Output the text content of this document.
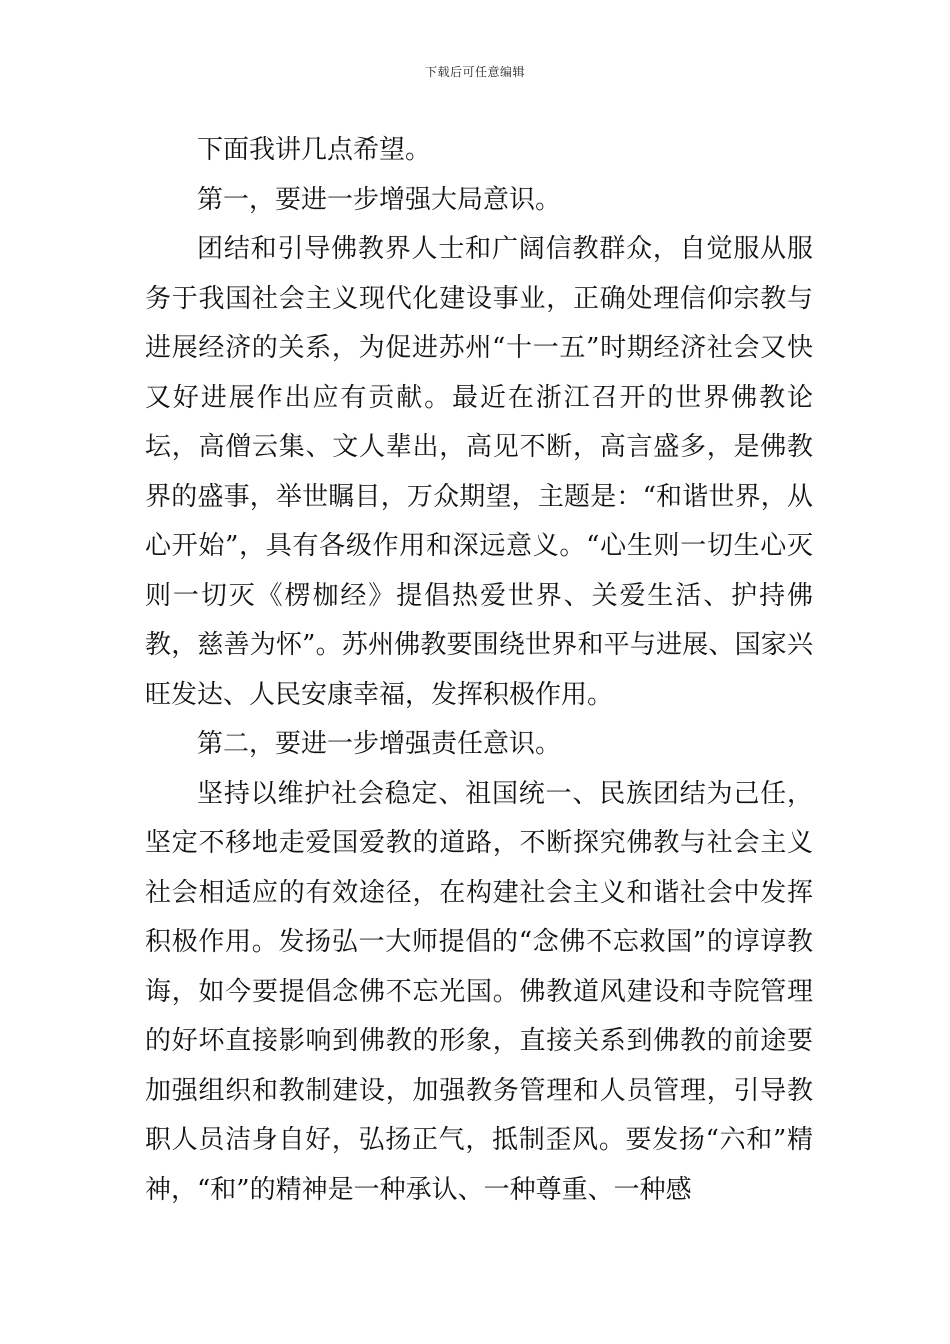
下载后可任意编辑

下面我讲几点希望。

第一，要进一步增强大局意识。

团结和引导佛教界人士和广阔信教群众，自觉服从服务于我国社会主义现代化建设事业，正确处理信仰宗教与进展经济的关系，为促进苏州“十一五”时期经济社会又快又好进展作出应有贡献。最近在浙江召开的世界佛教论坛，高僧云集、文人辈出，高见不断，高言盛多，是佛教界的盛事，举世瞩目，万众期望，主题是：“和谐世界，从心开始”，具有各级作用和深远意义。“心生则一切生心灭则一切灭《楞枷经》提倡热爱世界、关爱生活、护持佛教，慈善为怀”。苏州佛教要围绕世界和平与进展、国家兴旺发达、人民安康幸福，发挥积极作用。

第二，要进一步增强责任意识。

坚持以维护社会稳定、祖国统一、民族团结为己任，坚定不移地走爱国爱教的道路，不断探究佛教与社会主义社会相适应的有效途径，在构建社会主义和谐社会中发挥积极作用。发扬弘一大师提倡的“念佛不忘救国”的谆谆教诲，如今要提倡念佛不忘光国。佛教道风建设和寺院管理的好坏直接影响到佛教的形象，直接关系到佛教的前途要加强组织和教制建设，加强教务管理和人员管理，引导教职人员洁身自好，弘扬正气，抵制歪风。要发扬“六和”精神，“和”的精神是一种承认、一种尊重、一种感
